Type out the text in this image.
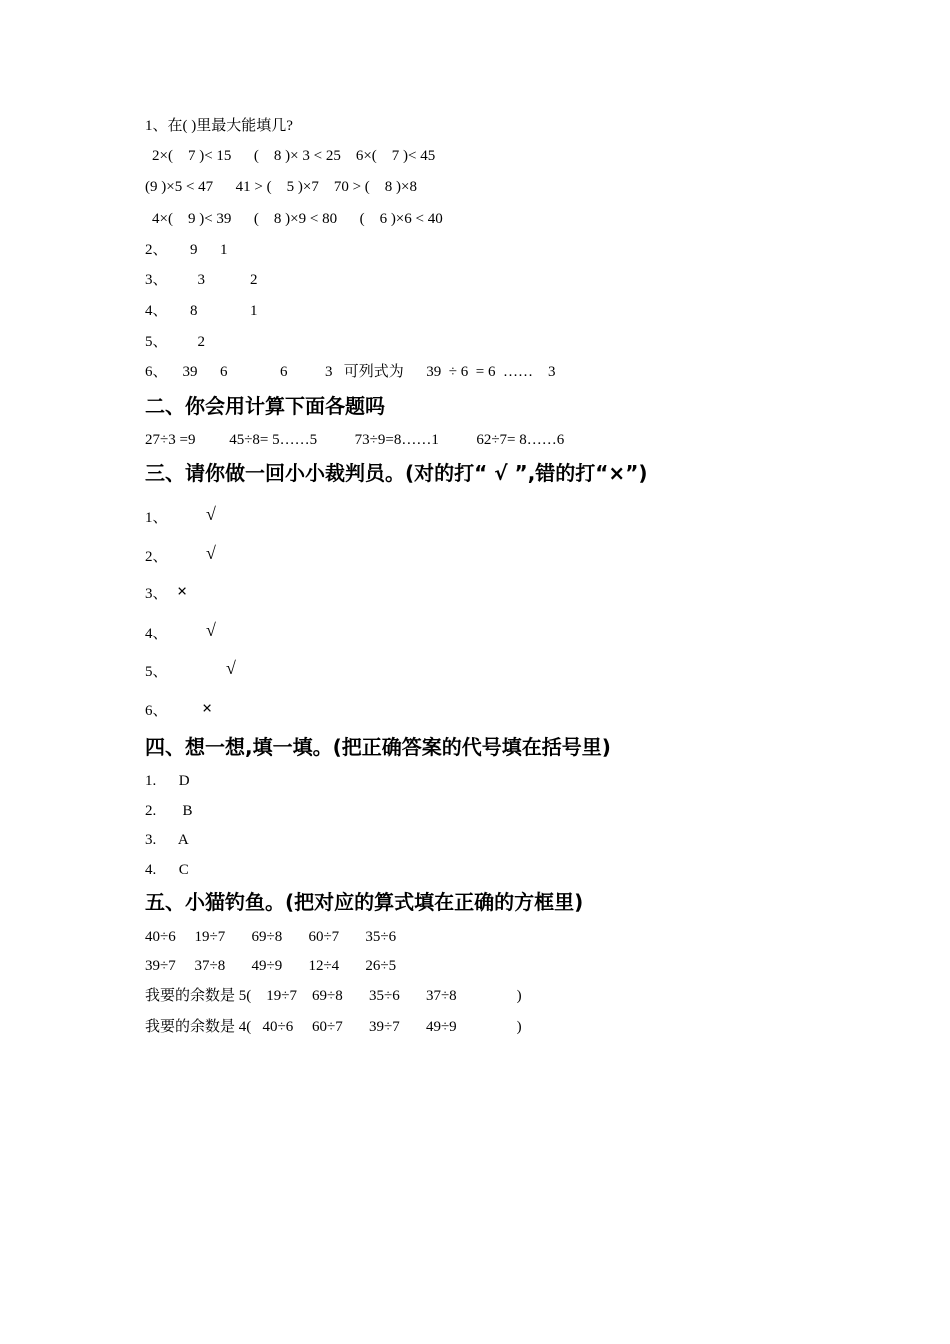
1、在( )里最大能填几?
2×(    7 )< 15      (    8 )× 3 < 25    6×(    7 )< 45
(9 )×5 < 47      41 > (    5 )×7    70 > (    8 )×8
4×(    9 )< 39      (    8 )×9 < 80      (    6 )×6 < 40
2、      9      1
3、        3            2
4、      8              1
5、        2
6、    39      6              6          3   可列式为      39  ÷ 6  = 6  ……    3
二、你会用计算下面各题吗
27÷3 =9         45÷8= 5……5          73÷9=8……1          62÷7= 8……6
三、请你做一回小小裁判员。(对的打“ √ ”,错的打“×”)
1、 √
2、 √
3、 ×
4、 √
5、	√
6、 ×
四、想一想,填一填。(把正确答案的代号填在括号里)
1.      D
2.       B
3.      A
4.      C
五、小猫钓鱼。(把对应的算式填在正确的方框里)
40÷6     19÷7       69÷8       60÷7       35÷6
39÷7     37÷8       49÷9       12÷4       26÷5
我要的余数是 5(    19÷7    69÷8       35÷6       37÷8                )
我要的余数是 4(   40÷6     60÷7       39÷7       49÷9                )
